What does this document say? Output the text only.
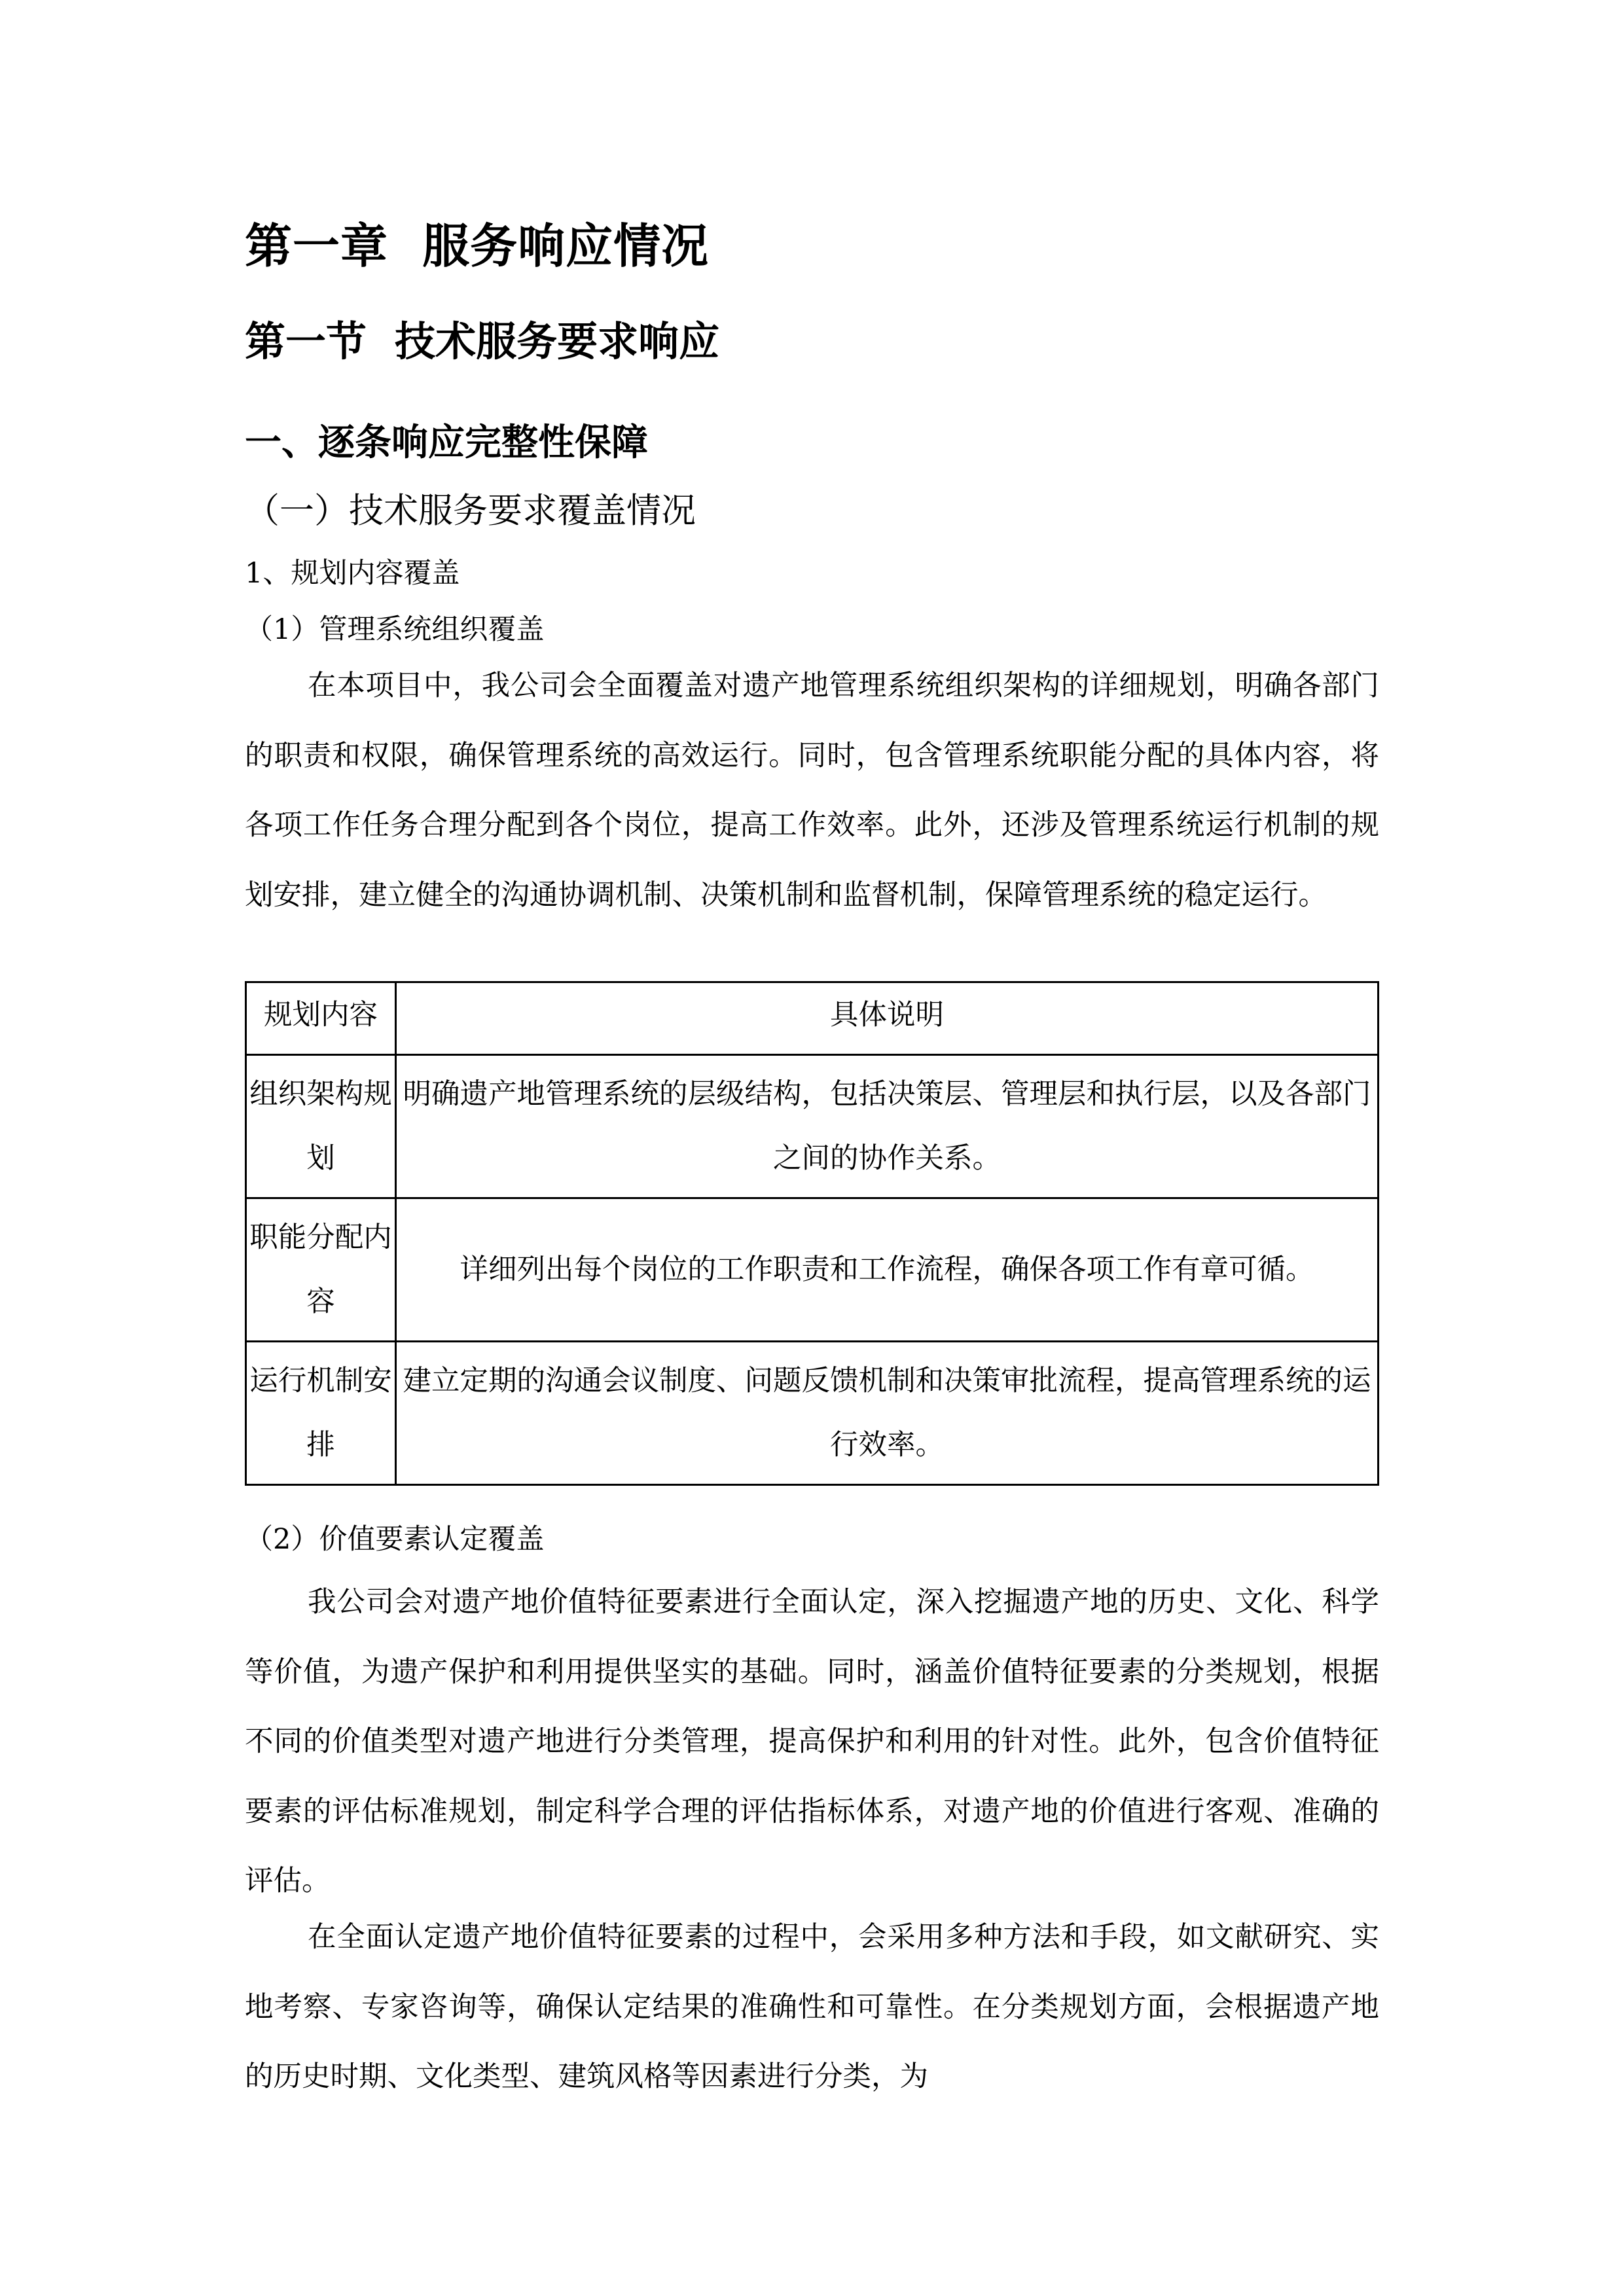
第一章  服务响应情况
第一节  技术服务要求响应
一、逐条响应完整性保障
（一）技术服务要求覆盖情况
1、规划内容覆盖
（1）管理系统组织覆盖
在本项目中，我公司会全面覆盖对遗产地管理系统组织架构的详细规划，明确各部门的职责和权限，确保管理系统的高效运行。同时，包含管理系统职能分配的具体内容，将各项工作任务合理分配到各个岗位，提高工作效率。此外，还涉及管理系统运行机制的规划安排，建立健全的沟通协调机制、决策机制和监督机制，保障管理系统的稳定运行。
规划内容	具体说明
组织架构规划	明确遗产地管理系统的层级结构，包括决策层、管理层和执行层，以及各部门之间的协作关系。
职能分配内容	详细列出每个岗位的工作职责和工作流程，确保各项工作有章可循。
运行机制安排	建立定期的沟通会议制度、问题反馈机制和决策审批流程，提高管理系统的运行效率。
（2）价值要素认定覆盖
我公司会对遗产地价值特征要素进行全面认定，深入挖掘遗产地的历史、文化、科学等价值，为遗产保护和利用提供坚实的基础。同时，涵盖价值特征要素的分类规划，根据不同的价值类型对遗产地进行分类管理，提高保护和利用的针对性。此外，包含价值特征要素的评估标准规划，制定科学合理的评估指标体系，对遗产地的价值进行客观、准确的评估。
在全面认定遗产地价值特征要素的过程中，会采用多种方法和手段，如文献研究、实地考察、专家咨询等，确保认定结果的准确性和可靠性。在分类规划方面，会根据遗产地的历史时期、文化类型、建筑风格等因素进行分类，为
